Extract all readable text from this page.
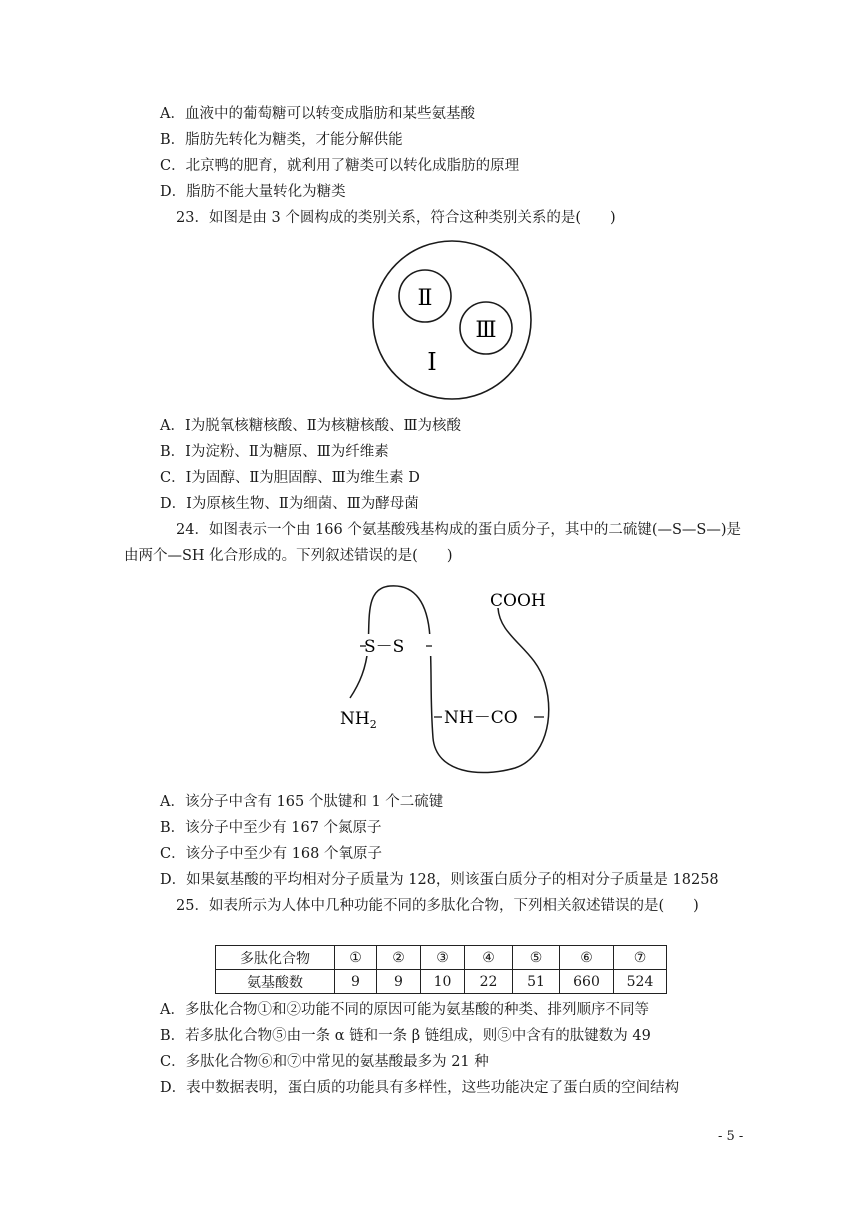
A．血液中的葡萄糖可以转变成脂肪和某些氨基酸
B．脂肪先转化为糖类，才能分解供能
C．北京鸭的肥育，就利用了糖类可以转化成脂肪的原理
D．脂肪不能大量转化为糖类
23．如图是由 3 个圆构成的类别关系，符合这种类别关系的是(　　)
Ⅱ
Ⅲ
Ⅰ
A．Ⅰ为脱氧核糖核酸、Ⅱ为核糖核酸、Ⅲ为核酸
B．Ⅰ为淀粉、Ⅱ为糖原、Ⅲ为纤维素
C．Ⅰ为固醇、Ⅱ为胆固醇、Ⅲ为维生素 D
D．Ⅰ为原核生物、Ⅱ为细菌、Ⅲ为酵母菌
24．如图表示一个由 166 个氨基酸残基构成的蛋白质分子，其中的二硫键(—S—S—)是
由两个—SH 化合形成的。下列叙述错误的是(　　)
COOH
S－S
$NH_2$	NH－CO
A．该分子中含有 165 个肽键和 1 个二硫键
B．该分子中至少有 167 个氮原子
C．该分子中至少有 168 个氧原子
D．如果氨基酸的平均相对分子质量为 128，则该蛋白质分子的相对分子质量是 18258
25．如表所示为人体中几种功能不同的多肽化合物，下列相关叙述错误的是(　　)
多肽化合物	①	②	③	④	⑤	⑥	⑦
氨基酸数	9	9	10	22	51	660	524
A．多肽化合物①和②功能不同的原因可能为氨基酸的种类、排列顺序不同等
B．若多肽化合物⑤由一条 α 链和一条 β 链组成，则⑤中含有的肽键数为 49
C．多肽化合物⑥和⑦中常见的氨基酸最多为 21 种
D．表中数据表明，蛋白质的功能具有多样性，这些功能决定了蛋白质的空间结构
- 5 -
